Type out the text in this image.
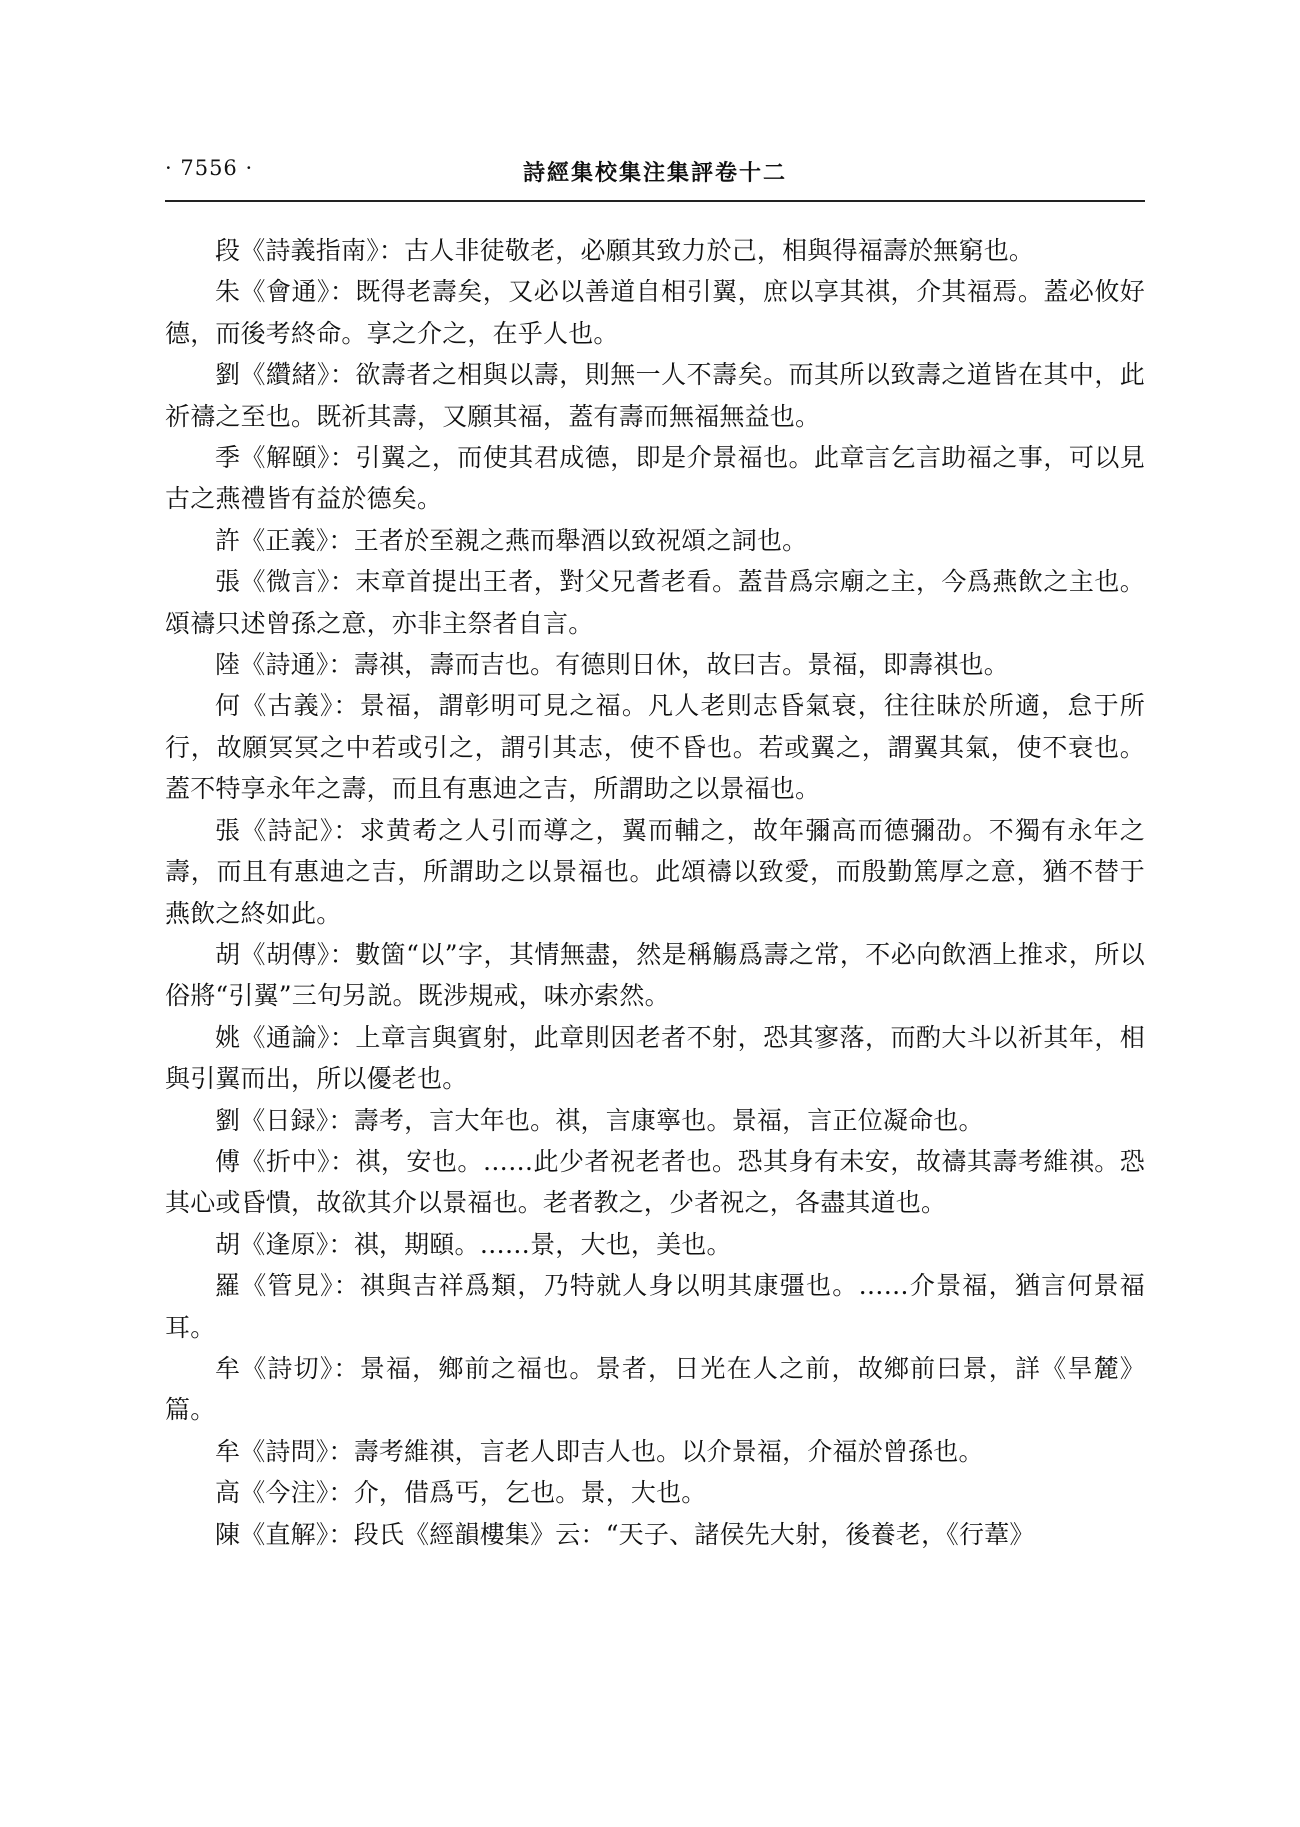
· 7556 ·	詩經集校集注集評卷十二

段《詩義指南》：古人非徒敬老，必願其致力於己，相與得福壽於無窮也。

朱《會通》：既得老壽矣，又必以善道自相引翼，庶以享其祺，介其福焉。蓋必攸好德，而後考終命。享之介之，在乎人也。

劉《纘緒》：欲壽者之相與以壽，則無一人不壽矣。而其所以致壽之道皆在其中，此祈禱之至也。既祈其壽，又願其福，蓋有壽而無福無益也。

季《解頤》：引翼之，而使其君成德，即是介景福也。此章言乞言助福之事，可以見古之燕禮皆有益於德矣。

許《正義》：王者於至親之燕而舉酒以致祝頌之詞也。

張《微言》：末章首提出王者，對父兄耆老看。蓋昔爲宗廟之主，今爲燕飲之主也。頌禱只述曾孫之意，亦非主祭者自言。

陸《詩通》：壽祺，壽而吉也。有德則日休，故曰吉。景福，即壽祺也。

何《古義》：景福，謂彰明可見之福。凡人老則志昏氣衰，往往昧於所適，怠于所行，故願冥冥之中若或引之，謂引其志，使不昏也。若或翼之，謂翼其氣，使不衰也。蓋不特享永年之壽，而且有惠迪之吉，所謂助之以景福也。

張《詩記》：求黄耇之人引而導之，翼而輔之，故年彌高而德彌劭。不獨有永年之壽，而且有惠迪之吉，所謂助之以景福也。此頌禱以致愛，而殷勤篤厚之意，猶不替于燕飲之終如此。

胡《胡傳》：數箇“以”字，其情無盡，然是稱觴爲壽之常，不必向飲酒上推求，所以俗將“引翼”三句另説。既涉規戒，味亦索然。

姚《通論》：上章言與賓射，此章則因老者不射，恐其寥落，而酌大斗以祈其年，相與引翼而出，所以優老也。

劉《日録》：壽考，言大年也。祺，言康寧也。景福，言正位凝命也。

傅《折中》：祺，安也。……此少者祝老者也。恐其身有未安，故禱其壽考維祺。恐其心或昏憒，故欲其介以景福也。老者教之，少者祝之，各盡其道也。

胡《逢原》：祺，期頤。……景，大也，美也。

羅《管見》：祺與吉祥爲類，乃特就人身以明其康彊也。……介景福，猶言何景福耳。

牟《詩切》：景福，鄉前之福也。景者，日光在人之前，故鄉前曰景，詳《旱麓》篇。

牟《詩問》：壽考維祺，言老人即吉人也。以介景福，介福於曾孫也。

高《今注》：介，借爲丐，乞也。景，大也。

陳《直解》：段氏《經韻樓集》云：“天子、諸侯先大射，後養老，《行葦》
